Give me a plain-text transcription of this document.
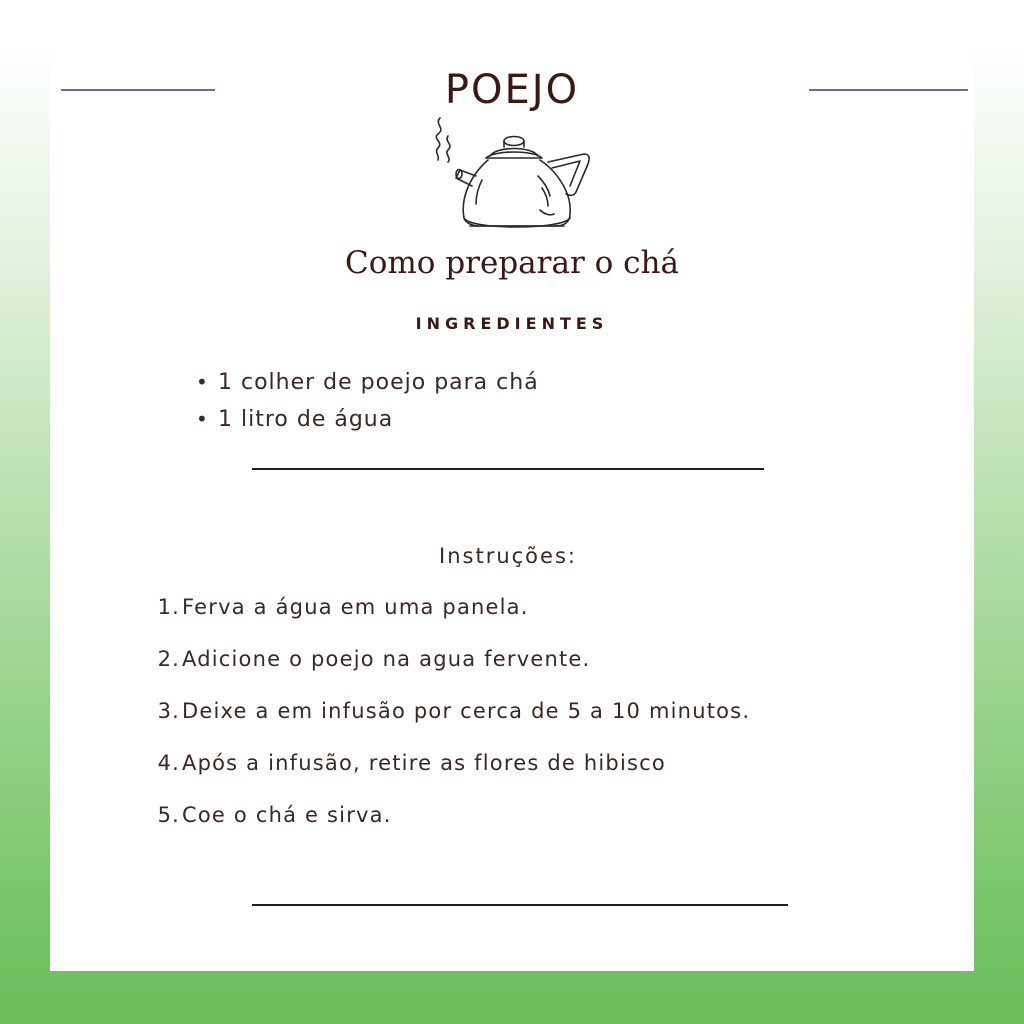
POEJO
Como preparar o chá
INGREDIENTES
• 1 colher de poejo para chá
• 1 litro de água
Instruções:
1.Ferva a água em uma panela.
2.Adicione o poejo na agua fervente.
3.Deixe a em infusão por cerca de 5 a 10 minutos.
4.Após a infusão, retire as flores de hibisco
5.Coe o chá e sirva.
